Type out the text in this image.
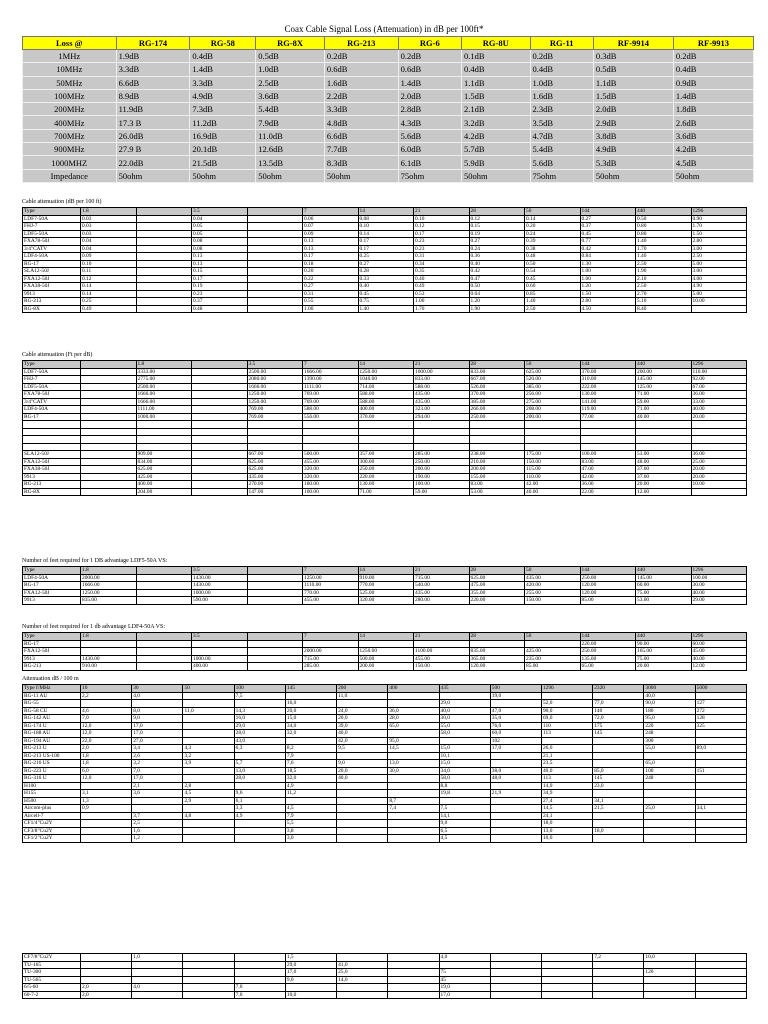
Coax Cable Signal Loss (Attenuation) in dB per 100ft*
Loss @	RG-174	RG-58	RG-8X	RG-213	RG-6	RG-8U	RG-11	RF-9914	RF-9913
1MHz	1.9dB	0.4dB	0.5dB	0.2dB	0.2dB	0.1dB	0.2dB	0.3dB	0.2dB
10MHz	3.3dB	1.4dB	1.0dB	0.6dB	0.6dB	0.4dB	0.4dB	0.5dB	0.4dB
50MHz	6.6dB	3.3dB	2.5dB	1.6dB	1.4dB	1.1dB	1.0dB	1.1dB	0.9dB
100MHz	8.9dB	4.9dB	3.6dB	2.2dB	2.0dB	1.5dB	1.6dB	1.5dB	1.4dB
200MHz	11.9dB	7.3dB	5.4dB	3.3dB	2.8dB	2.1dB	2.3dB	2.0dB	1.8dB
400MHz	17.3 B	11.2dB	7.9dB	4.8dB	4.3dB	3.2dB	3.5dB	2.9dB	2.6dB
700MHz	26.0dB	16.9dB	11.0dB	6.6dB	5.6dB	4.2dB	4.7dB	3.8dB	3.6dB
900MHz	27.9 B	20.1dB	12.6dB	7.7dB	6.0dB	5.7dB	5.4dB	4.9dB	4.2dB
1000MHZ	22.0dB	21.5dB	13.5dB	8.3dB	6.1dB	5.9dB	5.6dB	5.3dB	4.5dB
Impedance	50ohm	50ohm	50ohm	50ohm	75ohm	50ohm	75ohm	50ohm	50ohm
Cable attenuation (dB per 100 ft)
Type	1.8		3.5		7	14	21	28	50	144	440	1296
LDF7-50A	0.03		0.04		0.06	0.08	0.10	0.12	0.14	0.27	0.50	0.90
FHJ-7	0.03		0.05		0.07	0.10	0.12	0.15	0.20	0.37	0.80	1.70
LDF5-50A	0.03		0.05		0.09	0.14	0.17	0.19	0.24	0.45	0.80	1.50
FXA78-50J	0.04		0.08		0.13	0.17	0.23	0.27	0.39	0.77	1.40	2.80
3/4"CATV	0.04		0.08		0.13	0.17	0.23	0.24	0.38	0.42	1.70	3.00
LDF4-50A	0.09		0.13		0.17	0.25	0.31	0.36	0.48	0.84	1.40	2.50
RG-17	0.10		0.13		0.18	0.27	0.34	0.40	0.50	1.30	2.50	5.00
SLA12-50J	0.11		0.15		0.20	0.28	0.35	0.42	0.54	1.00	1.90	3.00
FXA12-50J	0.12		0.17		0.22	0.33	0.40	0.47	0.45	1.00	2.10	4.00
FXA38-50J	0.14		0.19		0.27	0.40	0.49	0.50	0.60	1.20	2.50	4.90
9913	0.14		0.23		0.31	0.45	0.53	0.64	0.85	1.50	2.70	5.00
RG-213	0.25		0.37		0.55	0.75	1.00	1.20	1.40	2.80	5.10	10.00
RG-8X	0.49		0.48		1.00	1.40	1.70	1.90	2.50	4.50	8.40	
Cable attenuation (Ft per dB)
Type		1.8		3.5	7	14	21	28	50	144	440	1296
LDF7-50A		3333.00		2500.00	1666.00	1250.00	1000.00	833.00	625.00	370.00	200.00	110.00
FHJ-7		2775.00		2080.00	1390.00	1040.00	833.00	667.00	520.00	310.00	145.00	92.00
LDF5-50A		2500.00		1666.00	1111.00	714.00	588.00	526.00	385.00	222.00	125.00	67.00
FXA78-50J		1666.00		1250.00	769.00	588.00	435.00	370.00	256.00	130.00	71.00	36.00
3/4"CATV		1666.00		1250.00	769.00	588.00	435.00	385.00	275.00	141.00	59.00	33.00
LDF4-50A		1111.00		769.00	588.00	400.00	323.00	266.00	208.00	119.00	71.00	40.00
RG-17		1000.00		769.00	556.00	370.00	294.00	250.00	200.00	77.00	40.00	20.00

SLA12-50J		909.00		667.00	500.00	357.00	285.00	238.00	175.00	100.00	53.00	36.00
FXA12-50J		834.00		625.00	455.00	300.00	250.00	210.00	150.00	83.00	48.00	25.00
FXA38-50J		625.00		625.00	320.00	250.00	200.00	200.00	115.00	47.00	37.00	20.00
9913		425.00		435.00	320.00	220.00	190.00	155.00	110.00	42.00	37.00	20.00
RG-213		400.00		270.00	180.00	130.00	100.00	83.00	42.00	36.00	20.00	10.00
RG-8X		204.00		147.00	100.00	71.00	59.00	53.00	40.00	22.00	12.00	
Number of feet required for 1 DB advantage LDF5-50A VS:
Type	1.8		3.5		7	14	21	28	50	144	440	1296
LDF4-50A	2000.00		1430.00		1250.00	910.00	715.00	625.00	435.00	250.00	145.00	100.00
RG-17	1666.00		1430.00		1110.00	770.00	540.00	475.00	420.00	120.00	60.00	30.00
FXA12-50J	1250.00		1000.00		770.00	525.00	435.00	355.00	255.00	120.00	75.00	40.00
9913	835.00		590.00		455.00	320.00	280.00	220.00	150.00	85.00	53.00	29.00
Number of feet required for 1 db advantage LDF4-50A VS:
Type	1.8		3.5		7	14	21	28	50	144	440	1296
RG-17										220.00	90.00	60.00
FXA12-50J					2000.00	1250.00	1100.00	835.00	425.00	250.00	165.00	45.00
9913	1430.00		1000.00		715.00	500.00	455.00	365.00	235.00	135.00	75.00	40.00
RG-213	910.00		400.00		285.00	200.00	150.00	120.00	85.00	65.00	20.00	12.00
Attenuation dB / 100 m
Type f/MHz	10	30	50	100	145	200	400	435	500	1296	2320	3000	5000
RG-11 AU	2,2	4,0		7,5		11,0			19,0			40,0	
RG-55					16,0			29,0		52,0	77,0	90,0	127
RG-58 CU	4,6	8,0	11,0	14,3	20,0	24,0	36,0	40,0	47,0	90,0	140	180	272
RG-142 AU	7,0	9,0		16,0	15,0	20,0	28,0	30,0	35,0	69,0	72,0	95,0	128
RG-174 U	12,0	17,0		29,0	34,0	39,0	65,0	55,0	76,0	110	175	220	325
RG-188 AU	12,0	17,0		28,0	32,0	40,0		58,0	60,0	113	145	248	
RG-194 AU	22,0	27,0		43,0		42,0	95,0		102			300	
RG-213 U	2,0	3,4	4,3	6,3	8,2	9,5	14,5	15,0	17,0	26,0		55,0	89,0
RG-213 US-100	1,8	2,6	3,2		7,9			10,1		21,1			
RG-216 US	1,8	3,2	3,9	5,7	7,6	9,0	13,0	15,0		23,5		65,0	
RG-223 U	6,0	7,0		13,0	18,5	20,0	30,0	34,0	38,0	40,0	85,0	100	151
RG-316 U	12,0	17,0		28,0	32,0	40,0		58,0	48,0	113	145	248	
H100		2,1	2,8		4,9			8,8		14,0	23,0		
H155	3,1	3,6	4,5	9,6	11,2			19,8	21,9	34,9			
H500	1,3		2,9	6,1			8,7			27,4	34,1		
Aircom-plus	0,9			3,3	4,5		7,4	7,5		14,5	21,5	25,0	34,1
Aircell-7		3,7	4,8	4,9	7,9			14,1		24,1			
CF1/4"Cu2Y		2,5			5,5			9,0		18,0			
CF3/8"Cu2Y		1,6			3,8			6,5		13,0	18,0		
CF1/2"Cu2Y		1,2			3,0			4,5		10,0			
CF7/8"Cu2Y		1,0			1,5			4,0			7,2	10,0	
TU-165					29,0	41,0							
TU-300					17,0	25,0		75				120	
TU-565					9,0	14,0		45					
6/5-60	2,0	4,0		7,0				19,0					
60-7-2	2,0			7,0	10,0			17,0					
